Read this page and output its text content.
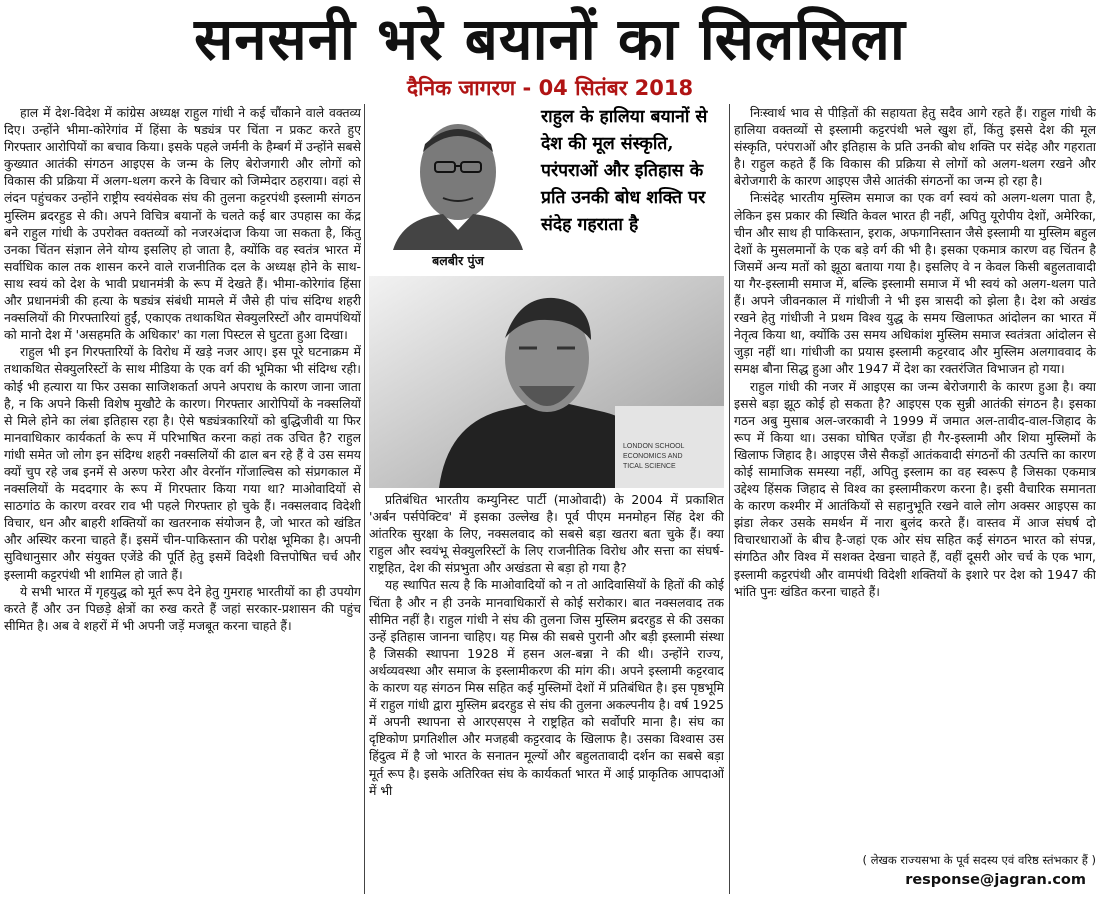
सनसनी भरे बयानों का सिलसिला
दैनिक जागरण - 04 सितंबर 2018

हाल में देश-विदेश में कांग्रेस अध्यक्ष राहुल गांधी ने कई चौंकाने वाले वक्तव्य दिए। उन्होंने भीमा-कोरेगांव में हिंसा के षड्यंत्र पर चिंता न प्रकट करते हुए गिरफ्तार आरोपियों का बचाव किया। इसके पहले जर्मनी के हैम्बर्ग में उन्होंने सबसे कुख्यात आतंकी संगठन आइएस के जन्म के लिए बेरोजगारी और लोगों को विकास की प्रक्रिया में अलग-थलग करने के विचार को जिम्मेदार ठहराया। वहां से लंदन पहुंचकर उन्होंने राष्ट्रीय स्वयंसेवक संघ की तुलना कट्टरपंथी इस्लामी संगठन मुस्लिम ब्रदरहुड से की। अपने विचित्र बयानों के चलते कई बार उपहास का केंद्र बने राहुल गांधी के उपरोक्त वक्तव्यों को नजरअंदाज किया जा सकता है, किंतु उनका चिंतन संज्ञान लेने योग्य इसलिए हो जाता है, क्योंकि वह स्वतंत्र भारत में सर्वाधिक काल तक शासन करने वाले राजनीतिक दल के अध्यक्ष होने के साथ-साथ स्वयं को देश के भावी प्रधानमंत्री के रूप में देखते हैं। भीमा-कोरेगांव हिंसा और प्रधानमंत्री की हत्या के षड्यंत्र संबंधी मामले में जैसे ही पांच संदिग्ध शहरी नक्सलियों की गिरफ्तारियां हुईं, एकाएक तथाकथित सेक्युलरिस्टों और वामपंथियों को मानो देश में 'असहमति के अधिकार' का गला पिस्टल से घुटता हुआ दिखा।

राहुल भी इन गिरफ्तारियों के विरोध में खड़े नजर आए। इस पूरे घटनाक्रम में तथाकथित सेक्युलरिस्टों के साथ मीडिया के एक वर्ग की भूमिका भी संदिग्ध रही। कोई भी हत्यारा या फिर उसका साजिशकर्ता अपने अपराध के कारण जाना जाता है, न कि अपने किसी विशेष मुखौटे के कारण। गिरफ्तार आरोपियों के नक्सलियों से मिले होने का लंबा इतिहास रहा है। ऐसे षड्यंत्रकारियों को बुद्धिजीवी या फिर मानवाधिकार कार्यकर्ता के रूप में परिभाषित करना कहां तक उचित है? राहुल गांधी समेत जो लोग इन संदिग्ध शहरी नक्सलियों की ढाल बन रहे हैं वे उस समय क्यों चुप रहे जब इनमें से अरुण फरेरा और वेरनॉन गोंजाल्विस को संप्रगकाल में नक्सलियों के मददगार के रूप में गिरफ्तार किया गया था? माओवादियों से साठगांठ के कारण वरवर राव भी पहले गिरफ्तार हो चुके हैं। नक्सलवाद विदेशी विचार, धन और बाहरी शक्तियों का खतरनाक संयोजन है, जो भारत को खंडित और अस्थिर करना चाहते हैं। इसमें चीन-पाकिस्तान की परोक्ष भूमिका है। अपनी सुविधानुसार और संयुक्त एजेंडे की पूर्ति हेतु इसमें विदेशी वित्तपोषित चर्च और इस्लामी कट्टरपंथी भी शामिल हो जाते हैं।

ये सभी भारत में गृहयुद्ध को मूर्त रूप देने हेतु गुमराह भारतीयों का ही उपयोग करते हैं और उन पिछड़े क्षेत्रों का रुख करते हैं जहां सरकार-प्रशासन की पहुंच सीमित है। अब वे शहरों में भी अपनी जड़ें मजबूत करना चाहते हैं।

बलबीर पुंज
राहुल के हालिया बयानों से देश की मूल संस्कृति, परंपराओं और इतिहास के प्रति उनकी बोध शक्ति पर संदेह गहराता है
LONDON SCHOOL
ECONOMICS AND
TICAL SCIENCE

प्रतिबंधित भारतीय कम्युनिस्ट पार्टी (माओवादी) के 2004 में प्रकाशित 'अर्बन पर्सपेक्टिव' में इसका उल्लेख है। पूर्व पीएम मनमोहन सिंह देश की आंतरिक सुरक्षा के लिए, नक्सलवाद को सबसे बड़ा खतरा बता चुके हैं। क्या राहुल और स्वयंभू सेक्युलरिस्टों के लिए राजनीतिक विरोध और सत्ता का संघर्ष-राष्ट्रहित, देश की संप्रभुता और अखंडता से बड़ा हो गया है?

यह स्थापित सत्य है कि माओवादियों को न तो आदिवासियों के हितों की कोई चिंता है और न ही उनके मानवाधिकारों से कोई सरोकार। बात नक्सलवाद तक सीमित नहीं है। राहुल गांधी ने संघ की तुलना जिस मुस्लिम ब्रदरहुड से की उसका उन्हें इतिहास जानना चाहिए। यह मिस्र की सबसे पुरानी और बड़ी इस्लामी संस्था है जिसकी स्थापना 1928 में हसन अल-बन्ना ने की थी। उन्होंने राज्य, अर्थव्यवस्था और समाज के इस्लामीकरण की मांग की। अपने इस्लामी कट्टरवाद के कारण यह संगठन मिस्र सहित कई मुस्लिमों देशों में प्रतिबंधित है। इस पृष्ठभूमि में राहुल गांधी द्वारा मुस्लिम ब्रदरहुड से संघ की तुलना अकल्पनीय है। वर्ष 1925 में अपनी स्थापना से आरएसएस ने राष्ट्रहित को सर्वोपरि माना है। संघ का दृष्टिकोण प्रगतिशील और मजहबी कट्टरवाद के खिलाफ है। उसका विश्वास उस हिंदुत्व में है जो भारत के सनातन मूल्यों और बहुलतावादी दर्शन का सबसे बड़ा मूर्त रूप है। इसके अतिरिक्त संघ के कार्यकर्ता भारत में आई प्राकृतिक आपदाओं में भी

निःस्वार्थ भाव से पीड़ितों की सहायता हेतु सदैव आगे रहते हैं। राहुल गांधी के हालिया वक्तव्यों से इस्लामी कट्टरपंथी भले खुश हों, किंतु इससे देश की मूल संस्कृति, परंपराओं और इतिहास के प्रति उनकी बोध शक्ति पर संदेह और गहराता है। राहुल कहते हैं कि विकास की प्रक्रिया से लोगों को अलग-थलग रखने और बेरोजगारी के कारण आइएस जैसे आतंकी संगठनों का जन्म हो रहा है।

निःसंदेह भारतीय मुस्लिम समाज का एक वर्ग स्वयं को अलग-थलग पाता है, लेकिन इस प्रकार की स्थिति केवल भारत ही नहीं, अपितु यूरोपीय देशों, अमेरिका, चीन और साथ ही पाकिस्तान, इराक, अफगानिस्तान जैसे इस्लामी या मुस्लिम बहुल देशों के मुसलमानों के एक बड़े वर्ग की भी है। इसका एकमात्र कारण वह चिंतन है जिसमें अन्य मतों को झूठा बताया गया है। इसलिए वे न केवल किसी बहुलतावादी या गैर-इस्लामी समाज में, बल्कि इस्लामी समाज में भी स्वयं को अलग-थलग पाते हैं। अपने जीवनकाल में गांधीजी ने भी इस त्रासदी को झेला है। देश को अखंड रखने हेतु गांधीजी ने प्रथम विश्व युद्ध के समय खिलाफत आंदोलन का भारत में नेतृत्व किया था, क्योंकि उस समय अधिकांश मुस्लिम समाज स्वतंत्रता आंदोलन से जुड़ा नहीं था। गांधीजी का प्रयास इस्लामी कट्टरवाद और मुस्लिम अलगाववाद के समक्ष बौना सिद्ध हुआ और 1947 में देश का रक्तरंजित विभाजन हो गया।

राहुल गांधी की नजर में आइएस का जन्म बेरोजगारी के कारण हुआ है। क्या इससे बड़ा झूठ कोई हो सकता है? आइएस एक सुन्नी आतंकी संगठन है। इसका गठन अबु मुसाब अल-जरकावी ने 1999 में जमात अल-तावीद-वाल-जिहाद के रूप में किया था। उसका घोषित एजेंडा ही गैर-इस्लामी और शिया मुस्लिमों के खिलाफ जिहाद है। आइएस जैसे सैकड़ों आतंकवादी संगठनों की उत्पत्ति का कारण कोई सामाजिक समस्या नहीं, अपितु इस्लाम का वह स्वरूप है जिसका एकमात्र उद्देश्य हिंसक जिहाद से विश्व का इस्लामीकरण करना है। इसी वैचारिक समानता के कारण कश्मीर में आतंकियों से सहानुभूति रखने वाले लोग अक्सर आइएस का झंडा लेकर उसके समर्थन में नारा बुलंद करते हैं। वास्तव में आज संघर्ष दो विचारधाराओं के बीच है-जहां एक ओर संघ सहित कई संगठन भारत को संपन्न, संगठित और विश्व में सशक्त देखना चाहते हैं, वहीं दूसरी ओर चर्च के एक भाग, इस्लामी कट्टरपंथी और वामपंथी विदेशी शक्तियों के इशारे पर देश को 1947 की भांति पुनः खंडित करना चाहते हैं।

( लेखक राज्यसभा के पूर्व सदस्य एवं वरिष्ठ स्तंभकार हैं )
response@jagran.com
